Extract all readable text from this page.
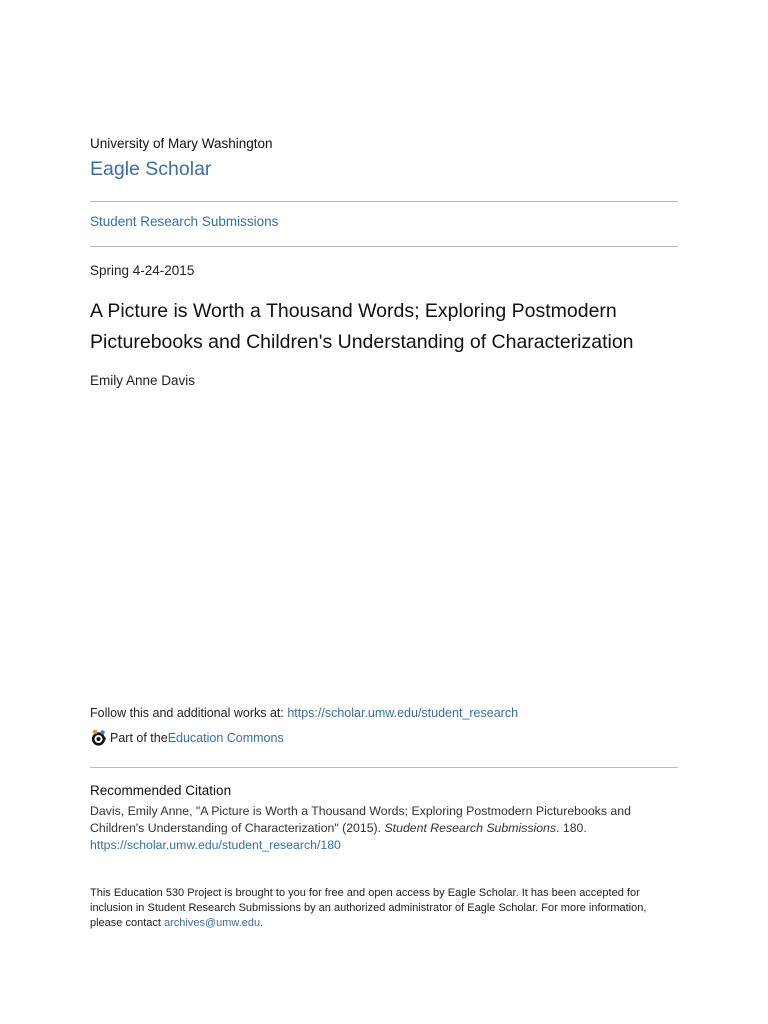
University of Mary Washington
Eagle Scholar
Student Research Submissions
Spring 4-24-2015
A Picture is Worth a Thousand Words; Exploring Postmodern Picturebooks and Children's Understanding of Characterization
Emily Anne Davis
Follow this and additional works at: https://scholar.umw.edu/student_research
Part of the Education Commons
Recommended Citation
Davis, Emily Anne, "A Picture is Worth a Thousand Words; Exploring Postmodern Picturebooks and Children's Understanding of Characterization" (2015). Student Research Submissions. 180.
https://scholar.umw.edu/student_research/180
This Education 530 Project is brought to you for free and open access by Eagle Scholar. It has been accepted for inclusion in Student Research Submissions by an authorized administrator of Eagle Scholar. For more information, please contact archives@umw.edu.
